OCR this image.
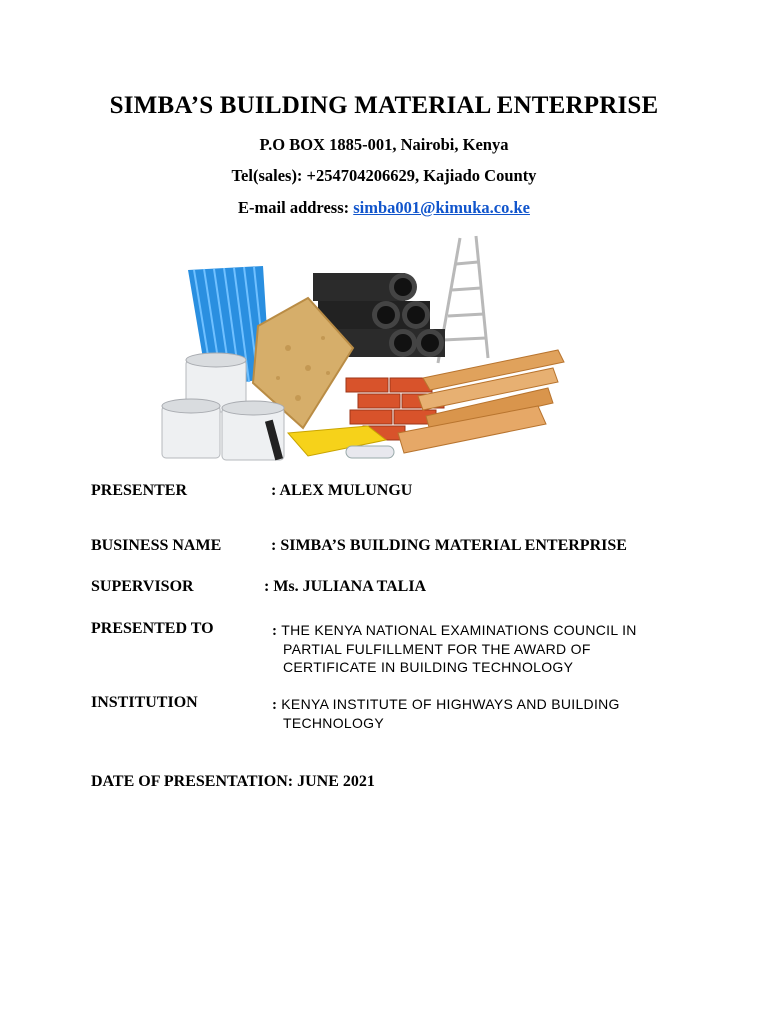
SIMBA’S BUILDING MATERIAL ENTERPRISE
P.O BOX 1885-001, Nairobi, Kenya
Tel(sales): +254704206629, Kajiado County
E-mail address: simba001@kimuka.co.ke
PRESENTER	: ALEX MULUNGU
BUSINESS NAME	: SIMBA’S BUILDING MATERIAL ENTERPRISE
SUPERVISOR	: Ms. JULIANA TALIA
PRESENTED TO	: THE KENYA NATIONAL EXAMINATIONS COUNCIL IN
PARTIAL FULFILLMENT FOR THE AWARD OF
CERTIFICATE IN BUILDING TECHNOLOGY
INSTITUTION	: KENYA INSTITUTE OF HIGHWAYS AND BUILDING
TECHNOLOGY
DATE OF PRESENTATION: JUNE 2021
